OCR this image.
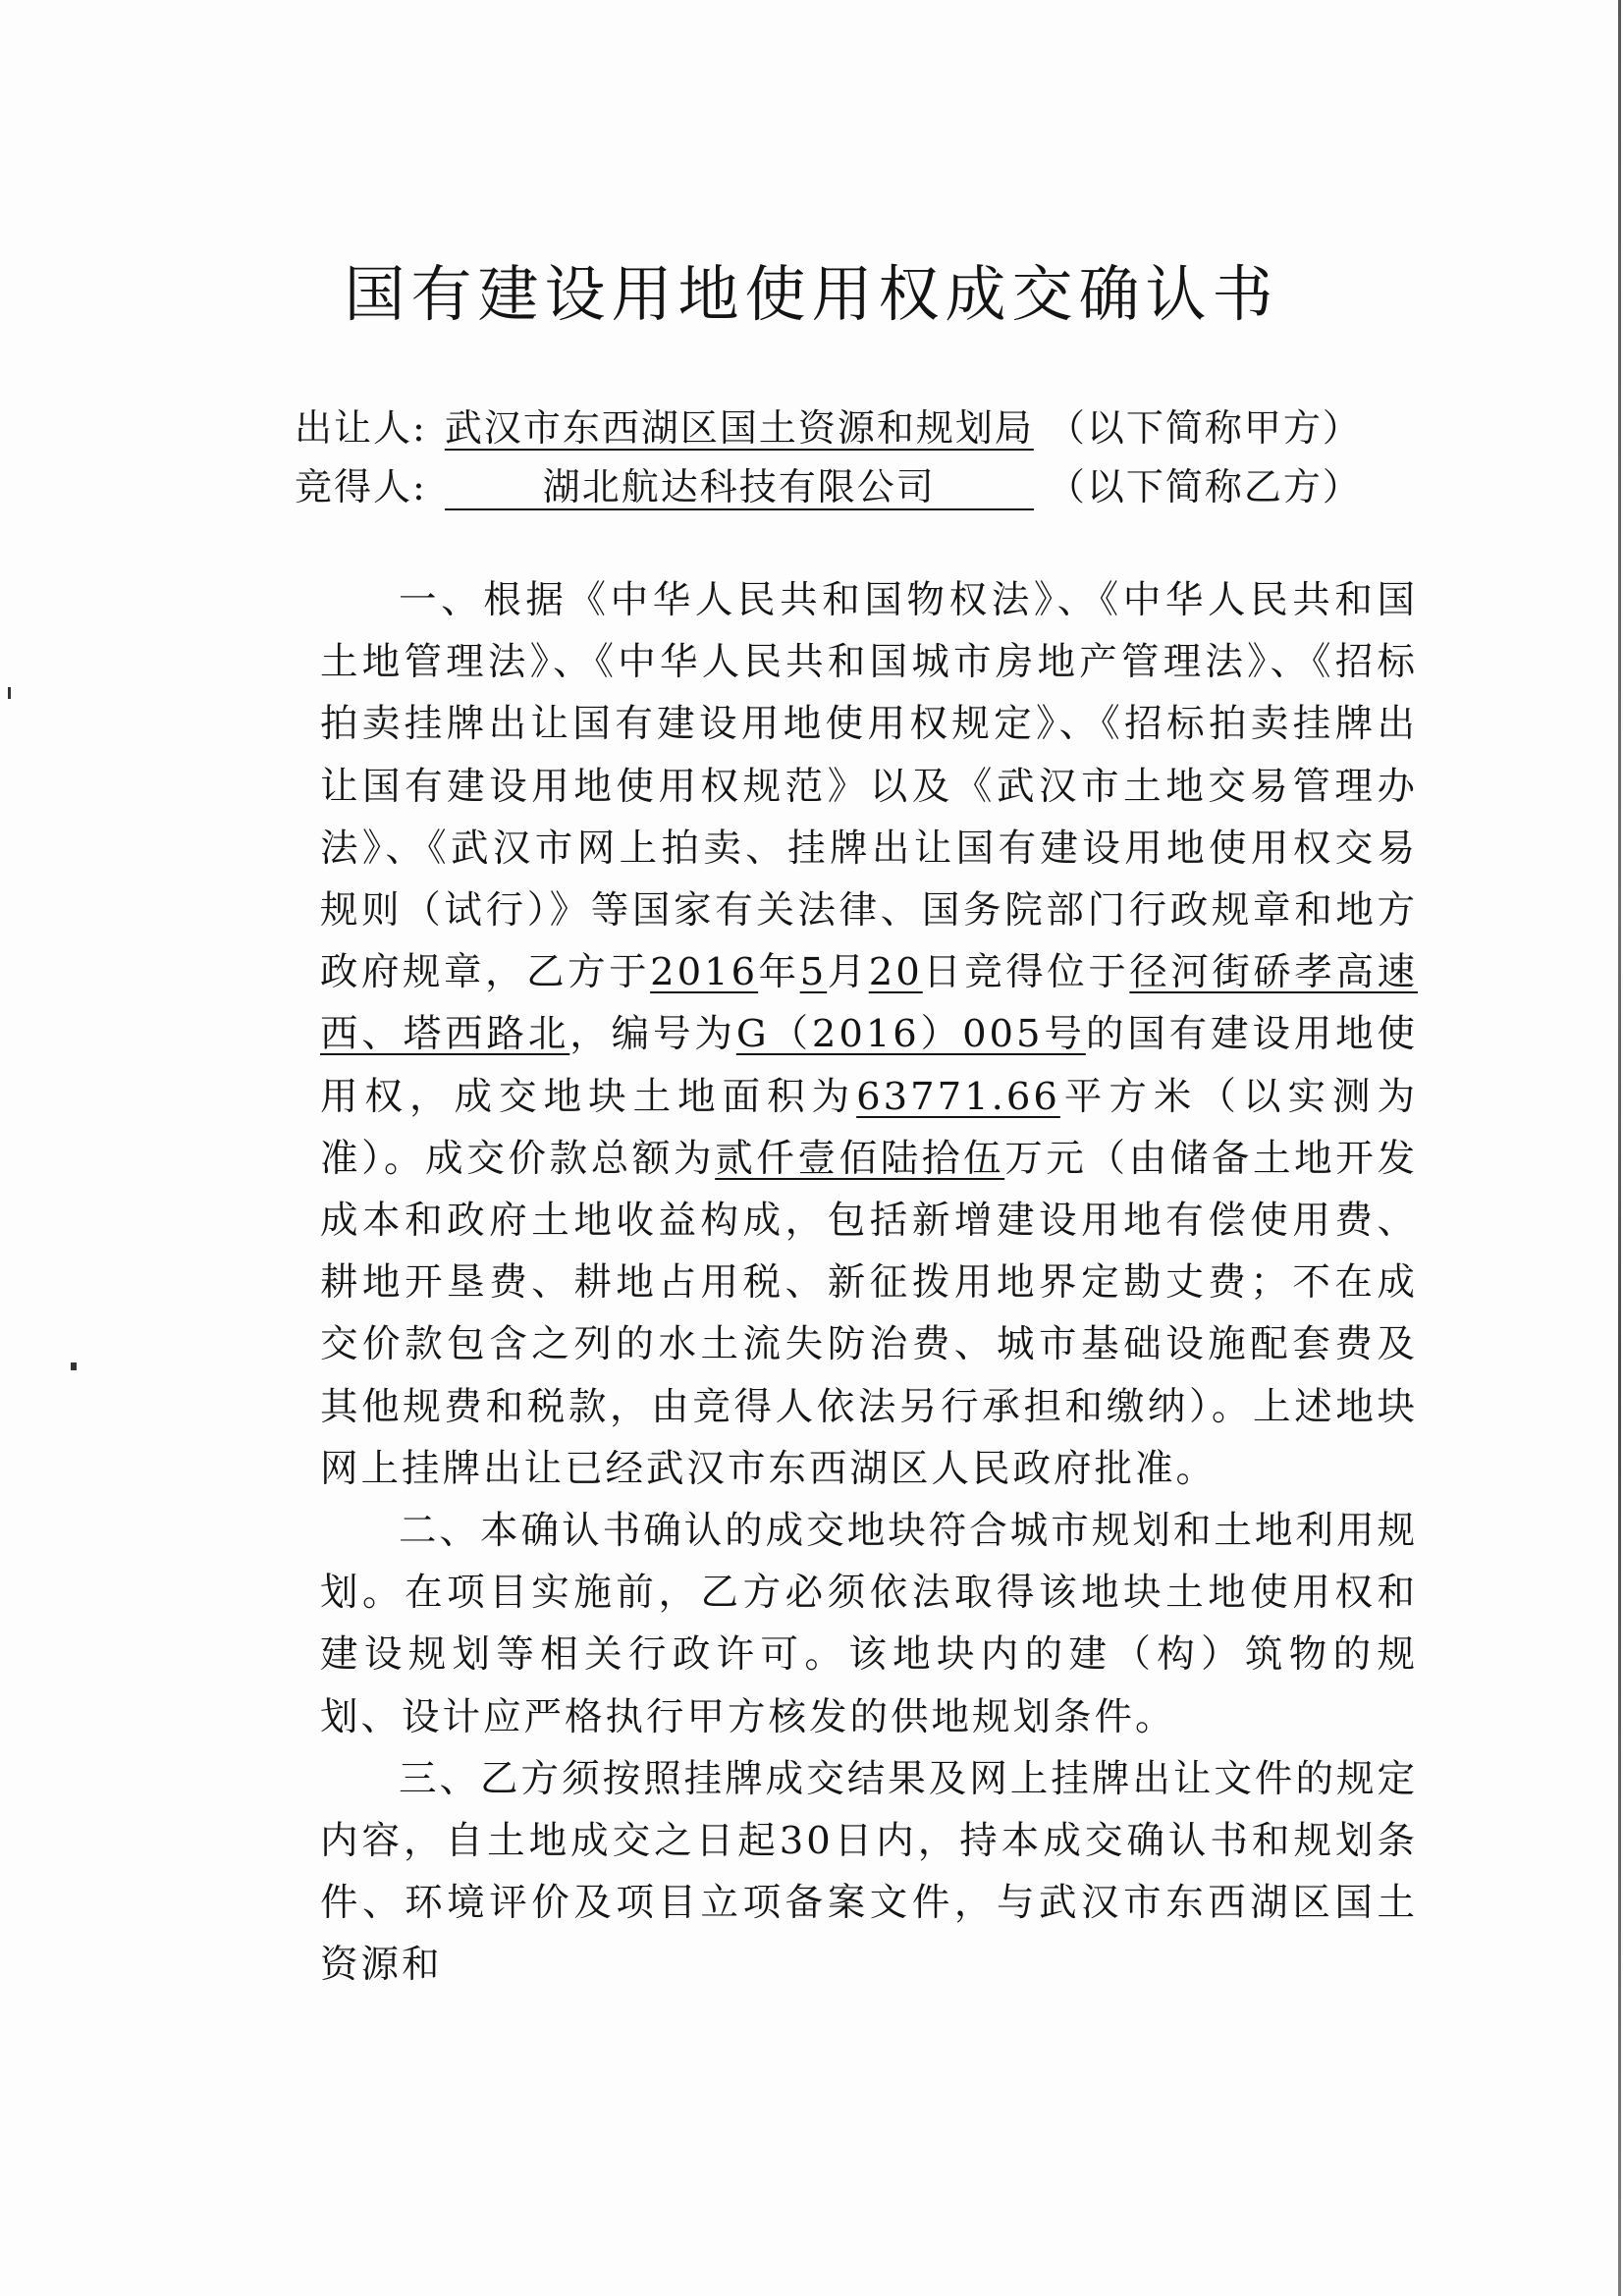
国有建设用地使用权成交确认书
出让人: 武汉市东西湖区国土资源和规划局 （以下简称甲方）
竞得人:	湖北航达科技有限公司	（以下简称乙方）

一、根据《中华人民共和国物权法》、《中华人民共和国土地管理法》、《中华人民共和国城市房地产管理法》、《招标拍卖挂牌出让国有建设用地使用权规定》、《招标拍卖挂牌出让国有建设用地使用权规范》以及《武汉市土地交易管理办法》、《武汉市网上拍卖、挂牌出让国有建设用地使用权交易规则（试行）》等国家有关法律、国务院部门行政规章和地方政府规章，乙方于2016年5月20日竞得位于径河街硚孝高速西、塔西路北，编号为G（2016）005号的国有建设用地使用权，成交地块土地面积为63771.66平方米（以实测为准）。成交价款总额为贰仟壹佰陆拾伍万元（由储备土地开发成本和政府土地收益构成，包括新增建设用地有偿使用费、耕地开垦费、耕地占用税、新征拨用地界定勘丈费；不在成交价款包含之列的水土流失防治费、城市基础设施配套费及其他规费和税款，由竞得人依法另行承担和缴纳）。上述地块网上挂牌出让已经武汉市东西湖区人民政府批准。

二、本确认书确认的成交地块符合城市规划和土地利用规划。在项目实施前，乙方必须依法取得该地块土地使用权和建设规划等相关行政许可。该地块内的建（构）筑物的规划、设计应严格执行甲方核发的供地规划条件。

三、乙方须按照挂牌成交结果及网上挂牌出让文件的规定内容，自土地成交之日起30日内，持本成交确认书和规划条件、环境评价及项目立项备案文件，与武汉市东西湖区国土资源和
